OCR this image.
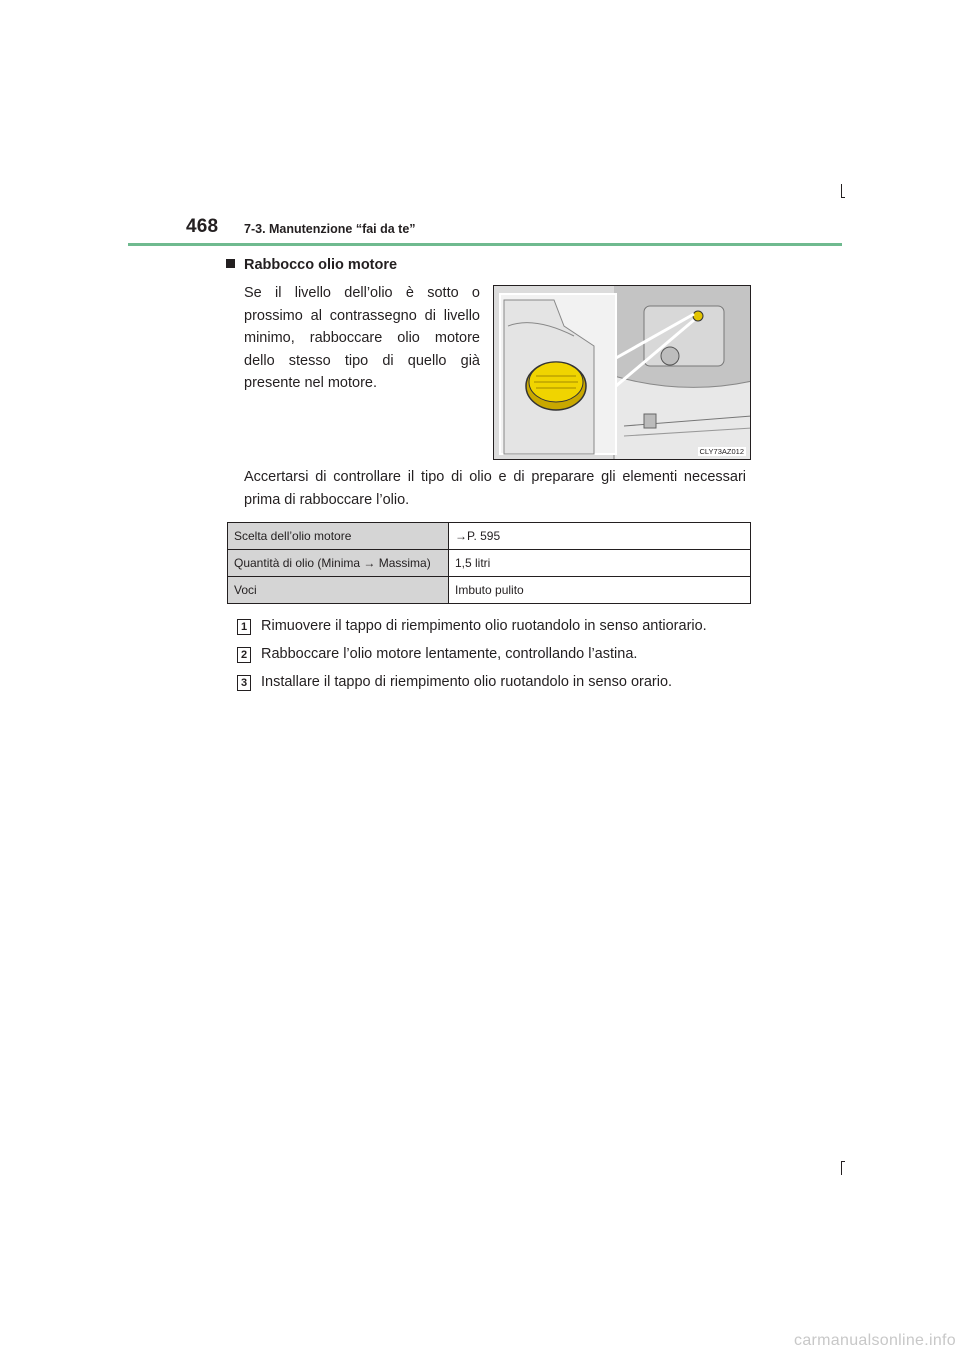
468 7-3. Manutenzione “fai da te”
Rabbocco olio motore
Se il livello dell’olio è sotto o prossimo al contrassegno di livello minimo, rabboccare olio motore dello stesso tipo di quello già presente nel motore.
CLY73AZ012
Accertarsi di controllare il tipo di olio e di preparare gli elementi necessari prima di rabboccare l’olio.
Scelta dell’olio motore	→P. 595
Quantità di olio (Minima → Massima)	1,5 litri
Voci	Imbuto pulito
1 Rimuovere il tappo di riempimento olio ruotandolo in senso antiorario.
2 Rabboccare l’olio motore lentamente, controllando l’astina.
3 Installare il tappo di riempimento olio ruotandolo in senso orario.
carmanualsonline.info
